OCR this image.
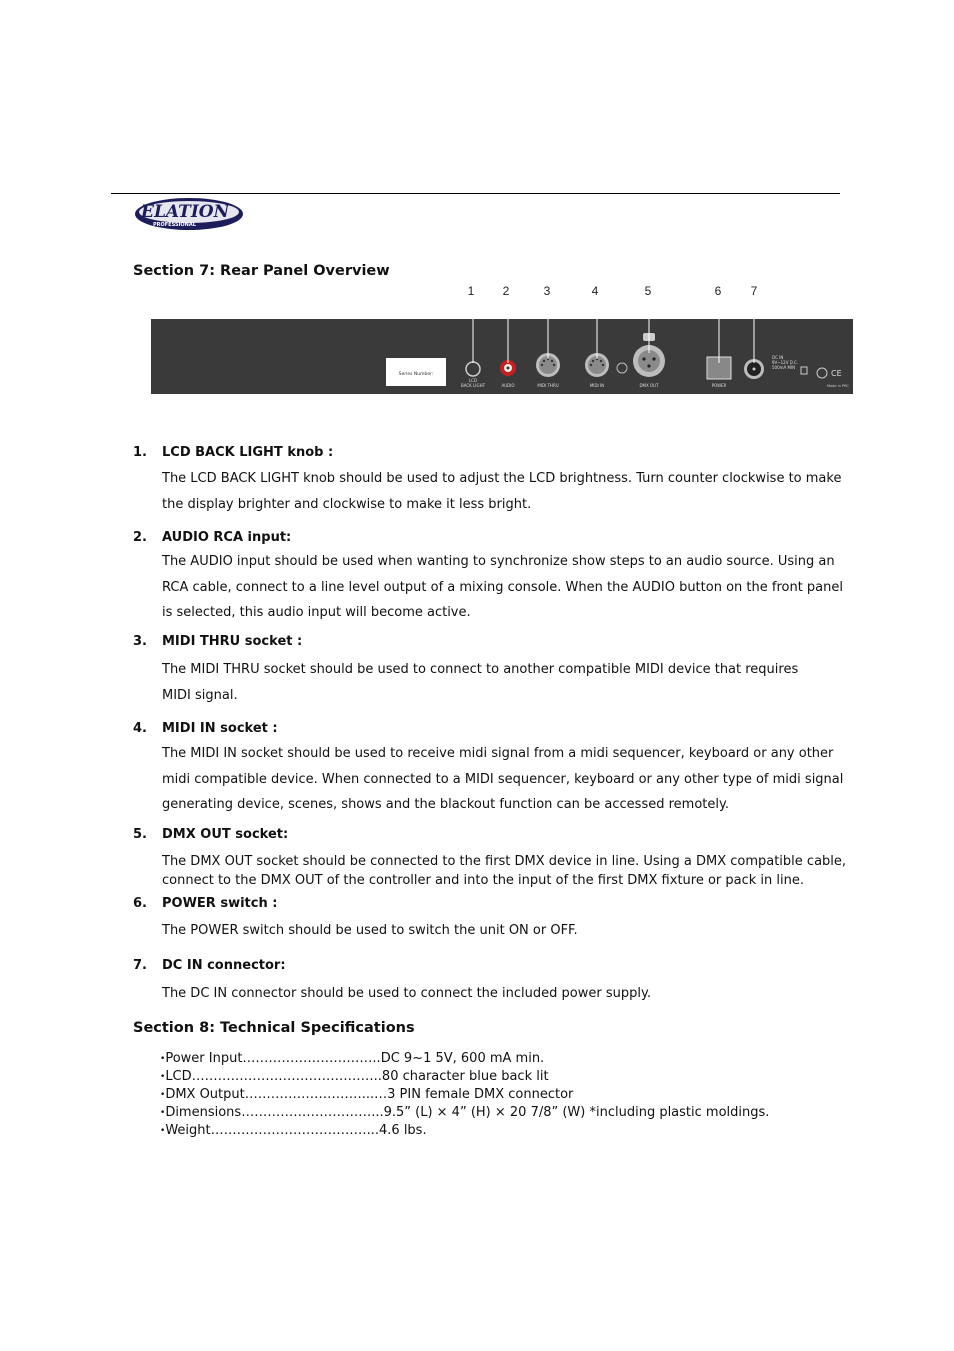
ELATION
PROFESSIONAL
Section 7: Rear Panel Overview
1 2	3	4	5	6 7
Series Number:
LCD BACK LIGHT	AUDIO	MIDI THRU	MIDI IN	DMX OUT	POWER
DC IN 9V~12V D.C. 500mA MIN
CE
Made in PRC
1. LCD BACK LIGHT knob :
The LCD BACK LIGHT knob should be used to adjust the LCD brightness. Turn counter clockwise to make the display brighter and clockwise to make it less bright.
2. AUDIO RCA input:
The AUDIO input should be used when wanting to synchronize show steps to an audio source. Using an RCA cable, connect to a line level output of a mixing console. When the AUDIO button on the front panel is selected, this audio input will become active.
3. MIDI THRU socket :
The MIDI THRU socket should be used to connect to another compatible MIDI device that requires MIDI signal.
4. MIDI IN socket :
The MIDI IN socket should be used to receive midi signal from a midi sequencer, keyboard or any other midi compatible device. When connected to a MIDI sequencer, keyboard or any other type of midi signal generating device, scenes, shows and the blackout function can be accessed remotely.
5. DMX OUT socket:
The DMX OUT socket should be connected to the first DMX device in line. Using a DMX compatible cable, connect to the DMX OUT of the controller and into the input of the first DMX fixture or pack in line.
6. POWER switch :
The POWER switch should be used to switch the unit ON or OFF.
7. DC IN connector:
The DC IN connector should be used to connect the included power supply.
Section 8: Technical Specifications
•Power Input…………………………..DC 9~1 5V, 600 mA min.
•LCD……………………………………..80 character blue back lit
•DMX Output………………………...…3 PIN female DMX connector
•Dimensions…………………………...9.5” (L) × 4” (H) × 20 7/8” (W) *including plastic moldings.
•Weight………………………………...4.6 lbs.
